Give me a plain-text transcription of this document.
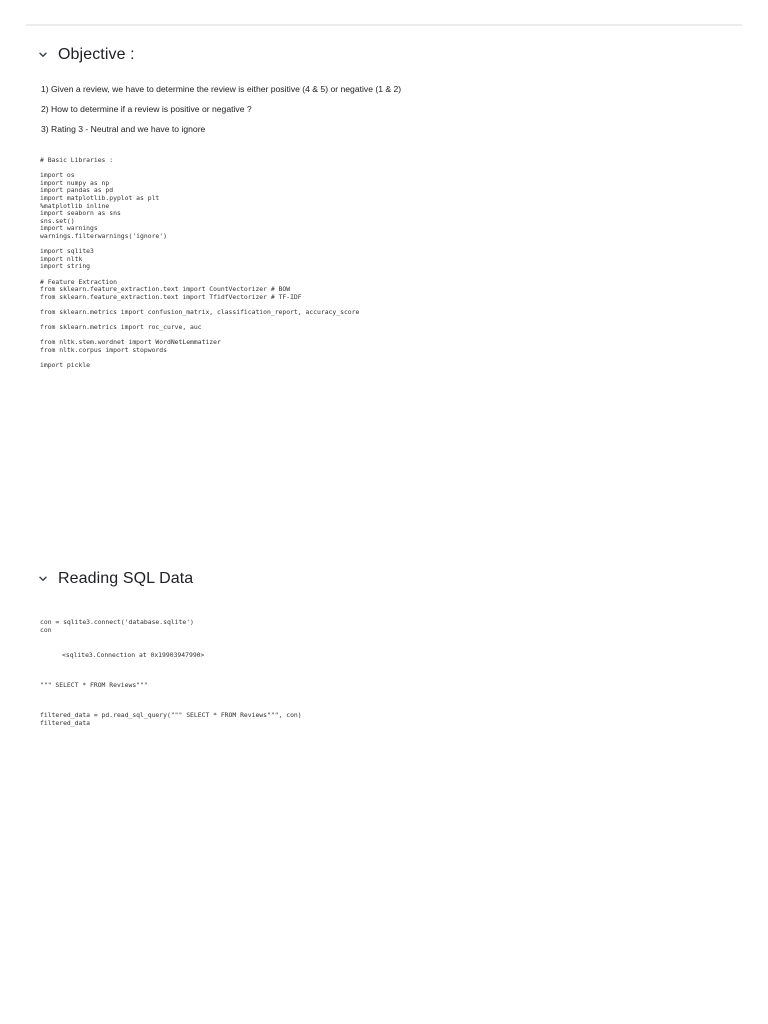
Objective :
1) Given a review, we have to determine the review is either positive (4 & 5) or negative (1 & 2)
2) How to determine if a review is positive or negative ?
3) Rating 3 - Neutral and we have to ignore
# Basic Libraries :
import os
import numpy as np
import pandas as pd
import matplotlib.pyplot as plt
%matplotlib inline
import seaborn as sns
sns.set()
import warnings
warnings.filterwarnings('ignore')
import sqlite3
import nltk
import string
# Feature Extraction
from sklearn.feature_extraction.text import CountVectorizer # BOW
from sklearn.feature_extraction.text import TfidfVectorizer # TF-IDF
from sklearn.metrics import confusion_matrix, classification_report, accuracy_score
from sklearn.metrics import roc_curve, auc
from nltk.stem.wordnet import WordNetLemmatizer
from nltk.corpus import stopwords
import pickle
Reading SQL Data
con = sqlite3.connect('database.sqlite')
con
<sqlite3.Connection at 0x19903947990>
""" SELECT * FROM Reviews"""
filtered_data = pd.read_sql_query(""" SELECT * FROM Reviews""", con)
filtered_data
